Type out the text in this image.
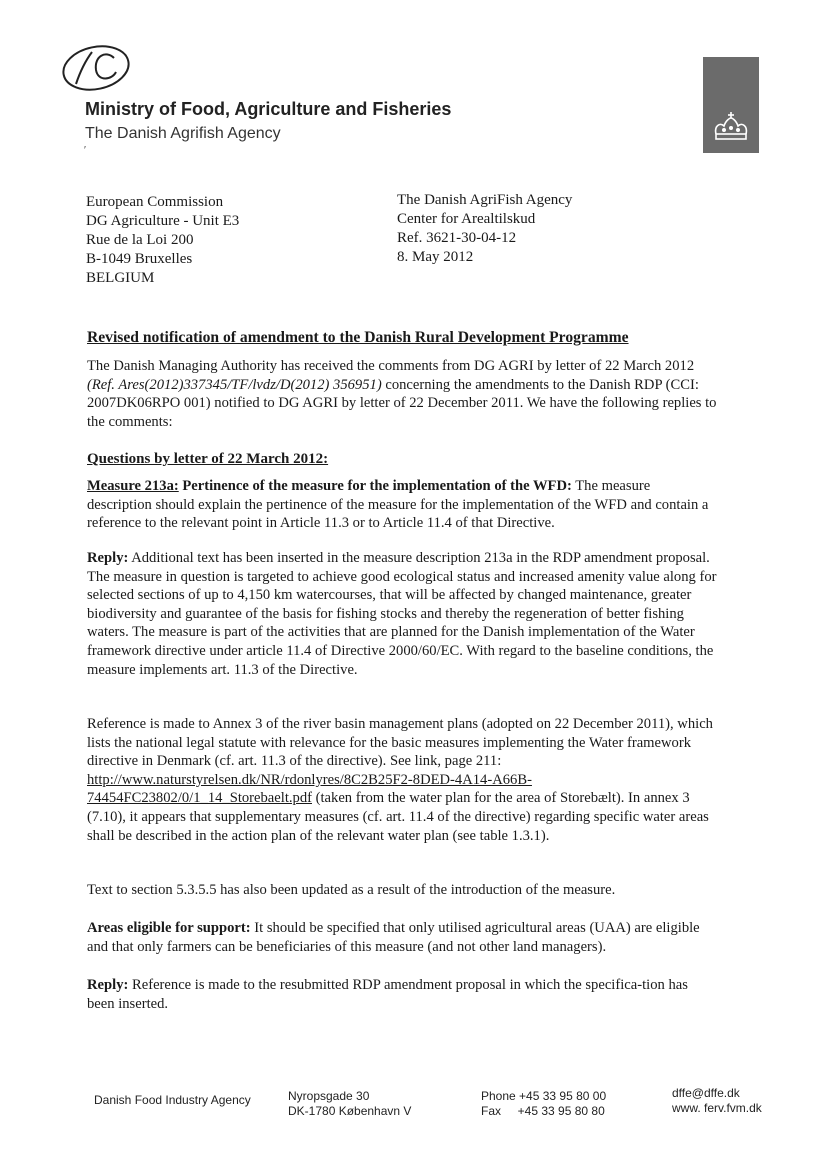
Ministry of Food, Agriculture and Fisheries
The Danish Agrifish Agency
′
European Commission
DG Agriculture - Unit E3
Rue de la Loi 200
B-1049 Bruxelles
BELGIUM
The Danish AgriFish Agency
Center for Arealtilskud
Ref. 3621-30-04-12
8. May 2012
Revised notification of amendment to the Danish Rural Development Programme

The Danish Managing Authority has received the comments from DG AGRI by letter of 22 March 2012 (Ref. Ares(2012)337345/TF/lvdz/D(2012) 356951) concerning the amendments to the Danish RDP (CCI: 2007DK06RPO 001) notified to DG AGRI by letter of 22 December 2011. We have the following replies to the comments:

Questions by letter of 22 March 2012:

Measure 213a: Pertinence of the measure for the implementation of the WFD: The measure description should explain the pertinence of the measure for the implementation of the WFD and contain a reference to the relevant point in Article 11.3 or to Article 11.4 of that Directive.

Reply: Additional text has been inserted in the measure description 213a in the RDP amendment proposal. The measure in question is targeted to achieve good ecological status and increased amenity value along for selected sections of up to 4,150 km watercourses, that will be affected by changed maintenance, greater biodiversity and guarantee of the basis for fishing stocks and thereby the regeneration of better fishing waters. The measure is part of the activities that are planned for the Danish implementation of the Water framework directive under article 11.4 of Directive 2000/60/EC. With regard to the baseline conditions, the measure implements art. 11.3 of the Directive.

Reference is made to Annex 3 of the river basin management plans (adopted on 22 December 2011), which lists the national legal statute with relevance for the basic measures implementing the Water framework directive in Denmark (cf. art. 11.3 of the directive). See link, page 211: http://www.naturstyrelsen.dk/NR/rdonlyres/8C2B25F2-8DED-4A14-A66B-74454FC23802/0/1_14_Storebaelt.pdf (taken from the water plan for the area of Storebælt). In annex 3 (7.10), it appears that supplementary measures (cf. art. 11.4 of the directive) regarding specific water areas shall be described in the action plan of the relevant water plan (see table 1.3.1).

Text to section 5.3.5.5 has also been updated as a result of the introduction of the measure.

Areas eligible for support: It should be specified that only utilised agricultural areas (UAA) are eligible and that only farmers can be beneficiaries of this measure (and not other land managers).

Reply: Reference is made to the resubmitted RDP amendment proposal in which the specifica-tion has been inserted.

Danish Food Industry Agency	Nyropsgade 30
DK-1780 København V
Phone +45 33 95 80 00
Fax     +45 33 95 80 80
dffe@dffe.dk
www. ferv.fvm.dk
